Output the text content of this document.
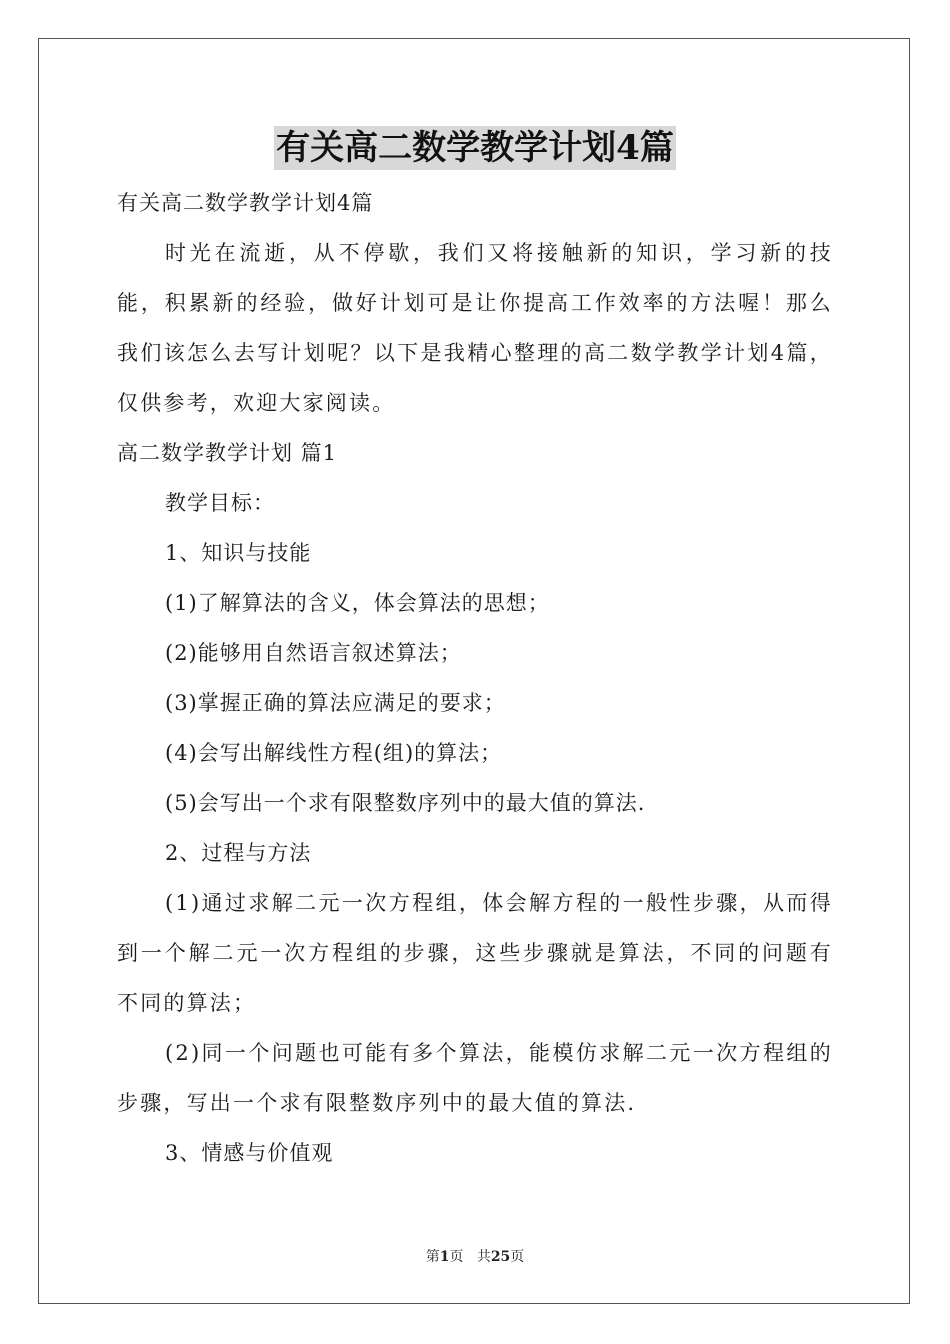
有关高二数学教学计划4篇
有关高二数学教学计划4篇

时光在流逝，从不停歇，我们又将接触新的知识，学习新的技能，积累新的经验，做好计划可是让你提高工作效率的方法喔！那么我们该怎么去写计划呢？以下是我精心整理的高二数学教学计划4篇，仅供参考，欢迎大家阅读。

高二数学教学计划 篇1
教学目标：
1、知识与技能
(1)了解算法的含义，体会算法的思想；
(2)能够用自然语言叙述算法；
(3)掌握正确的算法应满足的要求；
(4)会写出解线性方程(组)的算法；
(5)会写出一个求有限整数序列中的最大值的算法.
2、过程与方法

(1)通过求解二元一次方程组，体会解方程的一般性步骤，从而得到一个解二元一次方程组的步骤，这些步骤就是算法，不同的问题有不同的算法；

(2)同一个问题也可能有多个算法，能模仿求解二元一次方程组的步骤，写出一个求有限整数序列中的最大值的算法.

3、情感与价值观
第1页 共25页
